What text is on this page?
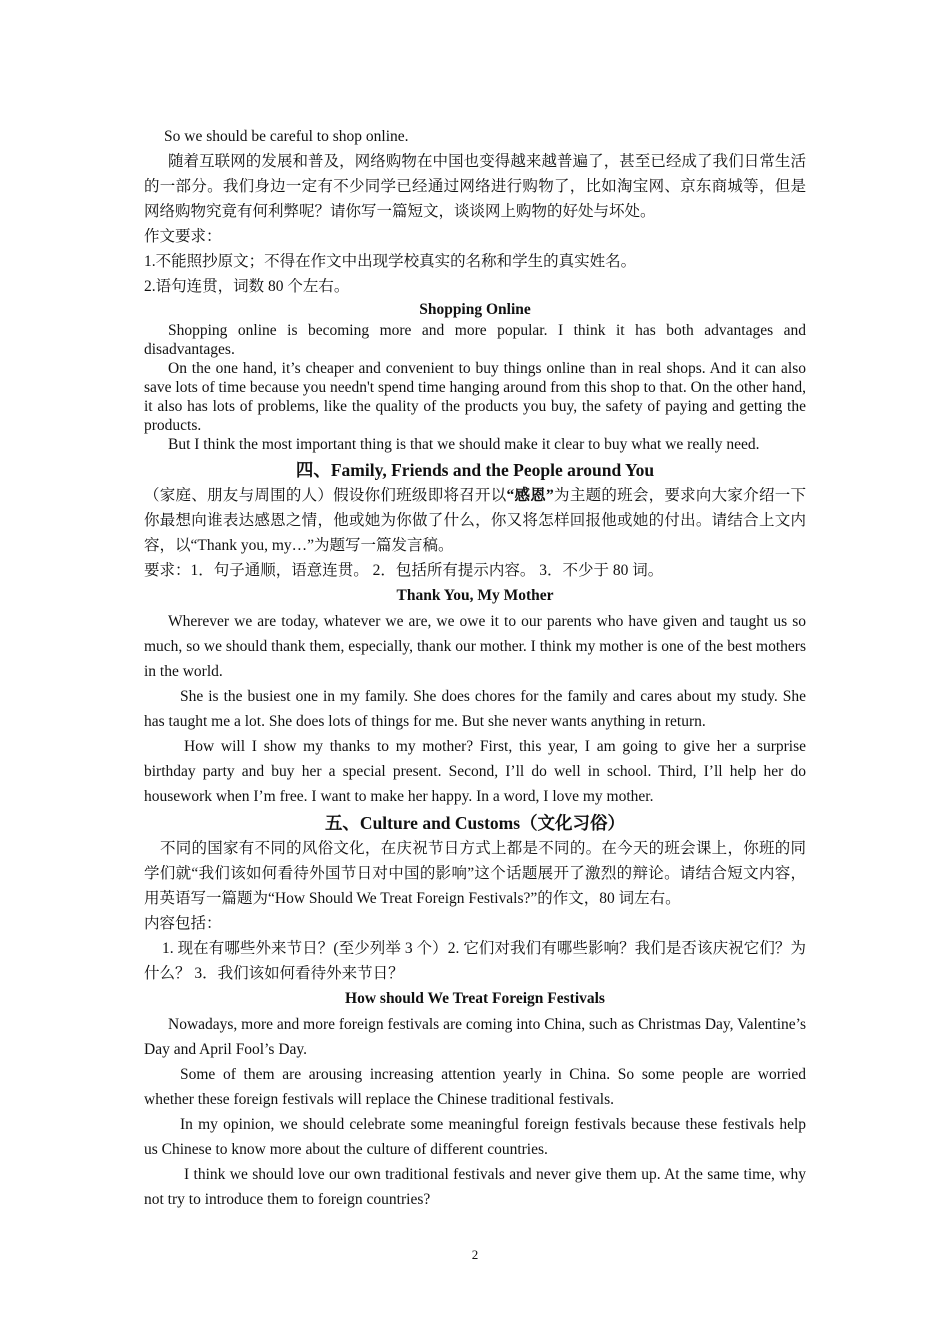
So we should be careful to shop online.

随着互联网的发展和普及，网络购物在中国也变得越来越普遍了，甚至已经成了我们日常生活的一部分。我们身边一定有不少同学已经通过网络进行购物了，比如淘宝网、京东商城等，但是网络购物究竟有何利弊呢？请你写一篇短文，谈谈网上购物的好处与坏处。

作文要求：

1.不能照抄原文；不得在作文中出现学校真实的名称和学生的真实姓名。

2.语句连贯，词数 80 个左右。

Shopping Online

Shopping online is becoming more and more popular. I think it has both advantages and disadvantages.

On the one hand, it’s cheaper and convenient to buy things online than in real shops. And it can also save lots of time because you needn't spend time hanging around from this shop to that. On the other hand, it also has lots of problems, like the quality of the products you buy, the safety of paying and getting the products.

But I think the most important thing is that we should make it clear to buy what we really need.

四、Family, Friends and the People around You

（家庭、朋友与周围的人）假设你们班级即将召开以“感恩”为主题的班会，要求向大家介绍一下你最想向谁表达感恩之情，他或她为你做了什么，你又将怎样回报他或她的付出。请结合上文内容，以“Thank you, my…”为题写一篇发言稿。

要求：1．句子通顺，语意连贯。 2．包括所有提示内容。 3．不少于 80 词。

Thank You, My Mother

Wherever we are today, whatever we are, we owe it to our parents who have given and taught us so much, so we should thank them, especially, thank our mother. I think my mother is one of the best mothers in the world.

She is the busiest one in my family. She does chores for the family and cares about my study. She has taught me a lot. She does lots of things for me. But she never wants anything in return.

How will I show my thanks to my mother? First, this year, I am going to give her a surprise birthday party and buy her a special present. Second, I’ll do well in school. Third, I’ll help her do housework when I’m free. I want to make her happy. In a word, I love my mother.

五、Culture and Customs（文化习俗）

不同的国家有不同的风俗文化，在庆祝节日方式上都是不同的。在今天的班会课上，你班的同学们就“我们该如何看待外国节日对中国的影响”这个话题展开了激烈的辩论。请结合短文内容，用英语写一篇题为“How Should We Treat Foreign Festivals?”的作文，80 词左右。

内容包括：

1. 现在有哪些外来节日？(至少列举 3 个）2. 它们对我们有哪些影响？我们是否该庆祝它们？为什么？ 3．我们该如何看待外来节日？

How should We Treat Foreign Festivals

Nowadays, more and more foreign festivals are coming into China, such as Christmas Day, Valentine’s Day and April Fool’s Day.

Some of them are arousing increasing attention yearly in China. So some people are worried whether these foreign festivals will replace the Chinese traditional festivals.

In my opinion, we should celebrate some meaningful foreign festivals because these festivals help us Chinese to know more about the culture of different countries.

I think we should love our own traditional festivals and never give them up. At the same time, why not try to introduce them to foreign countries?

2
